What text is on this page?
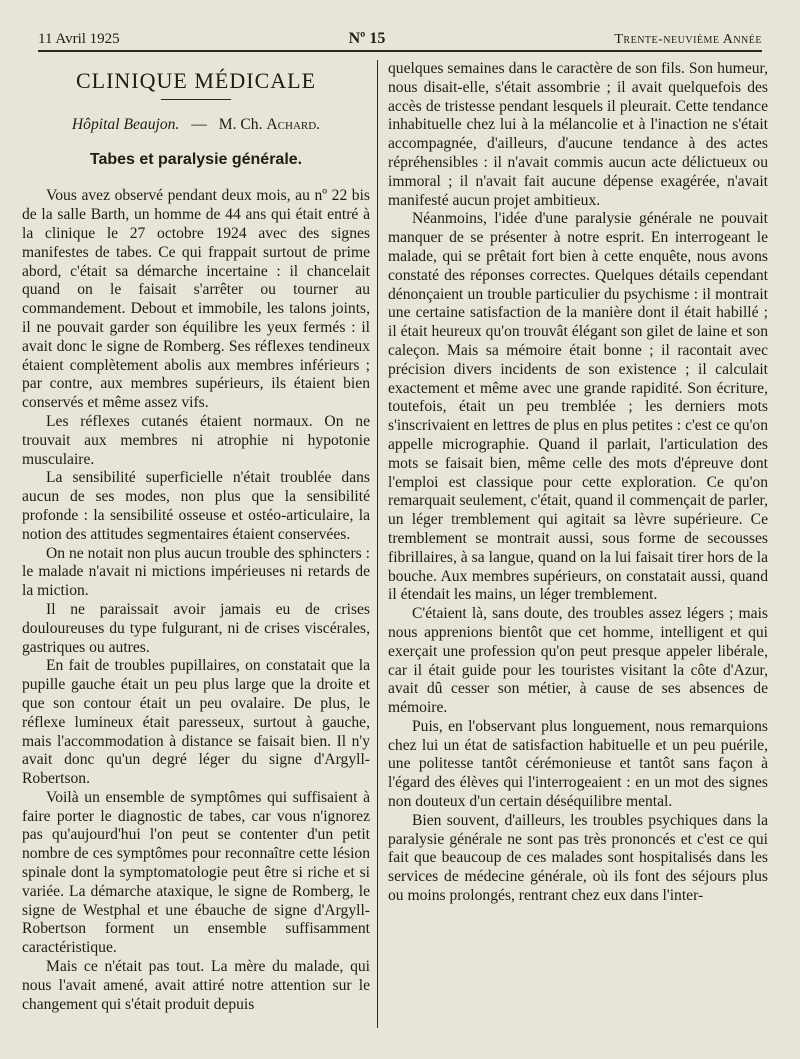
11 Avril 1925	Nº 15	Trente-neuvième Année
CLINIQUE MÉDICALE
Hôpital Beaujon. — M. Ch. Achard.
Tabes et paralysie générale.

Vous avez observé pendant deux mois, au nº 22 bis de la salle Barth, un homme de 44 ans qui était entré à la clinique le 27 octobre 1924 avec des signes manifestes de tabes. Ce qui frappait surtout de prime abord, c'était sa démarche incertaine : il chancelait quand on le faisait s'arrêter ou tourner au commandement. Debout et immobile, les talons joints, il ne pouvait garder son équilibre les yeux fermés : il avait donc le signe de Romberg. Ses réflexes tendineux étaient complètement abolis aux membres inférieurs ; par contre, aux membres supérieurs, ils étaient bien conservés et même assez vifs.

Les réflexes cutanés étaient normaux. On ne trouvait aux membres ni atrophie ni hypotonie musculaire.

La sensibilité superficielle n'était troublée dans aucun de ses modes, non plus que la sensibilité profonde : la sensibilité osseuse et ostéo-articulaire, la notion des attitudes segmentaires étaient conservées.

On ne notait non plus aucun trouble des sphincters : le malade n'avait ni mictions impérieuses ni retards de la miction.

Il ne paraissait avoir jamais eu de crises douloureuses du type fulgurant, ni de crises viscérales, gastriques ou autres.

En fait de troubles pupillaires, on constatait que la pupille gauche était un peu plus large que la droite et que son contour était un peu ovalaire. De plus, le réflexe lumineux était paresseux, surtout à gauche, mais l'accommodation à distance se faisait bien. Il n'y avait donc qu'un degré léger du signe d'Argyll-Robertson.

Voilà un ensemble de symptômes qui suffisaient à faire porter le diagnostic de tabes, car vous n'ignorez pas qu'aujourd'hui l'on peut se contenter d'un petit nombre de ces symptômes pour reconnaître cette lésion spinale dont la symptomatologie peut être si riche et si variée. La démarche ataxique, le signe de Romberg, le signe de Westphal et une ébauche de signe d'Argyll-Robertson forment un ensemble suffisamment caractéristique.

Mais ce n'était pas tout. La mère du malade, qui nous l'avait amené, avait attiré notre attention sur le changement qui s'était produit depuis

quelques semaines dans le caractère de son fils. Son humeur, nous disait-elle, s'était assombrie ; il avait quelquefois des accès de tristesse pendant lesquels il pleurait. Cette tendance inhabituelle chez lui à la mélancolie et à l'inaction ne s'était accompagnée, d'ailleurs, d'aucune tendance à des actes répréhensibles : il n'avait commis aucun acte délictueux ou immoral ; il n'avait fait aucune dépense exagérée, n'avait manifesté aucun projet ambitieux.

Néanmoins, l'idée d'une paralysie générale ne pouvait manquer de se présenter à notre esprit. En interrogeant le malade, qui se prêtait fort bien à cette enquête, nous avons constaté des réponses correctes. Quelques détails cependant dénonçaient un trouble particulier du psychisme : il montrait une certaine satisfaction de la manière dont il était habillé ; il était heureux qu'on trouvât élégant son gilet de laine et son caleçon. Mais sa mémoire était bonne ; il racontait avec précision divers incidents de son existence ; il calculait exactement et même avec une grande rapidité. Son écriture, toutefois, était un peu tremblée ; les derniers mots s'inscrivaient en lettres de plus en plus petites : c'est ce qu'on appelle micrographie. Quand il parlait, l'articulation des mots se faisait bien, même celle des mots d'épreuve dont l'emploi est classique pour cette exploration. Ce qu'on remarquait seulement, c'était, quand il commençait de parler, un léger tremblement qui agitait sa lèvre supérieure. Ce tremblement se montrait aussi, sous forme de secousses fibrillaires, à sa langue, quand on la lui faisait tirer hors de la bouche. Aux membres supérieurs, on constatait aussi, quand il étendait les mains, un léger tremblement.

C'étaient là, sans doute, des troubles assez légers ; mais nous apprenions bientôt que cet homme, intelligent et qui exerçait une profession qu'on peut presque appeler libérale, car il était guide pour les touristes visitant la côte d'Azur, avait dû cesser son métier, à cause de ses absences de mémoire.

Puis, en l'observant plus longuement, nous remarquions chez lui un état de satisfaction habituelle et un peu puérile, une politesse tantôt cérémonieuse et tantôt sans façon à l'égard des élèves qui l'interrogeaient : en un mot des signes non douteux d'un certain déséquilibre mental.

Bien souvent, d'ailleurs, les troubles psychiques dans la paralysie générale ne sont pas très prononcés et c'est ce qui fait que beaucoup de ces malades sont hospitalisés dans les services de médecine générale, où ils font des séjours plus ou moins prolongés, rentrant chez eux dans l'inter-
